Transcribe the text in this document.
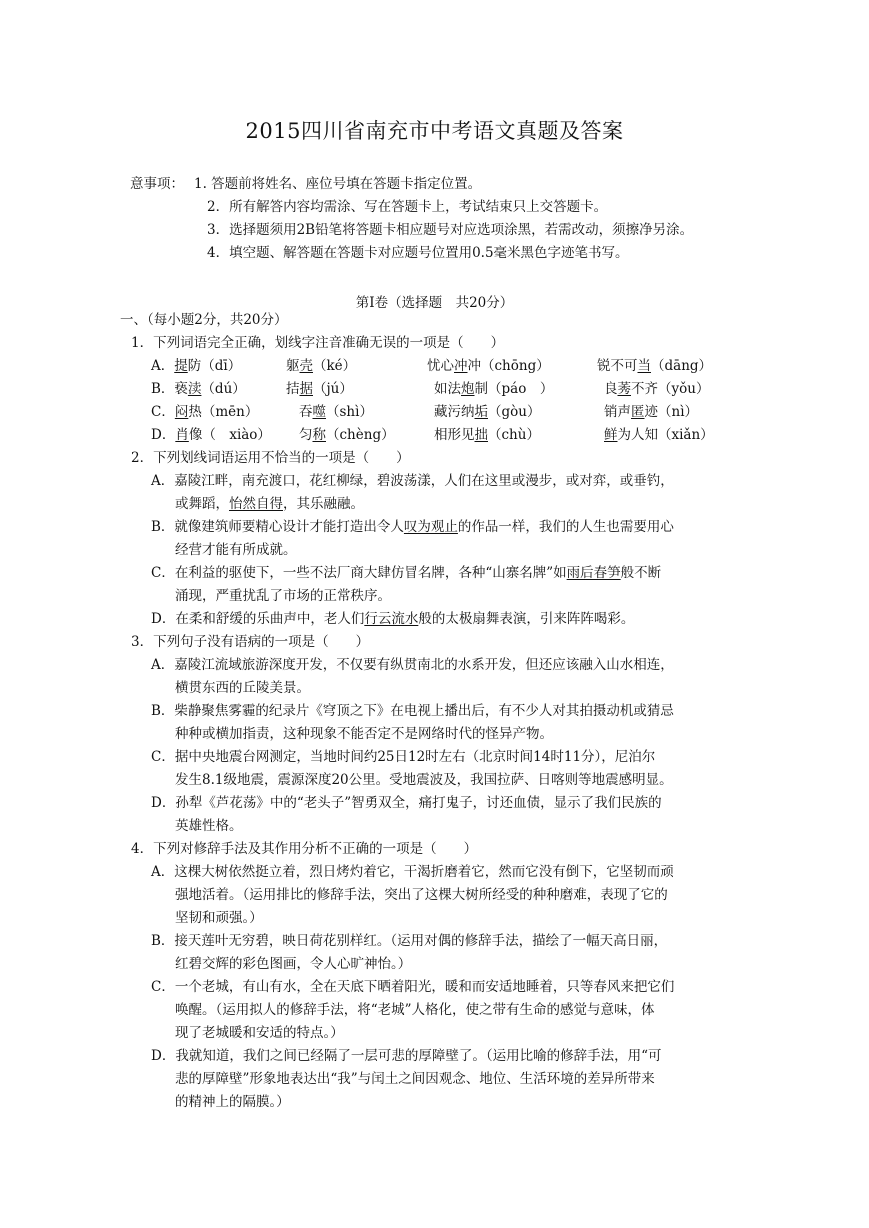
2015四川省南充市中考语文真题及答案
意事项： 1. 答题前将姓名、座位号填在答题卡指定位置。
2．所有解答内容均需涂、写在答题卡上，考试结束只上交答题卡。
3．选择题须用2B铅笔将答题卡相应题号对应选项涂黑，若需改动，须擦净另涂。
4．填空题、解答题在答题卡对应题号位置用0.5毫米黑色字迹笔书写。
第Ⅰ卷（选择题　共20分）
一、（每小题2分，共20分）
1．下列词语完全正确，划线字注音准确无误的一项是（　　）
A．提防（dī）	躯壳（ké）	忧心冲冲（chōng）	锐不可当（dāng）
B．亵渎（dú）	拮据（jú）	如法炮制（páo　）	良莠不齐（yǒu）
C．闷热（mēn）	吞噬（shì）	藏污纳垢（gòu）	销声匿迹（nì）
D．肖像（　xiào） 匀称（chèng）	相形见拙（chù）	鲜为人知（xiǎn）
2．下列划线词语运用不恰当的一项是（　　）
A．嘉陵江畔，南充渡口，花红柳绿，碧波荡漾，人们在这里或漫步，或对弈，或垂钓，
或舞蹈，怡然自得，其乐融融。
B．就像建筑师要精心设计才能打造出令人叹为观止的作品一样，我们的人生也需要用心
经营才能有所成就。
C．在利益的驱使下，一些不法厂商大肆仿冒名牌，各种“山寨名牌”如雨后春笋般不断
涌现，严重扰乱了市场的正常秩序。
D．在柔和舒缓的乐曲声中，老人们行云流水般的太极扇舞表演，引来阵阵喝彩。
3．下列句子没有语病的一项是（　　）
A．嘉陵江流域旅游深度开发，不仅要有纵贯南北的水系开发，但还应该融入山水相连，
横贯东西的丘陵美景。
B．柴静聚焦雾霾的纪录片《穹顶之下》在电视上播出后，有不少人对其拍摄动机或猜忌
种种或横加指责，这种现象不能否定不是网络时代的怪异产物。
C．据中央地震台网测定，当地时间约25日12时左右（北京时间14时11分），尼泊尔
发生8.1级地震，震源深度20公里。受地震波及，我国拉萨、日喀则等地震感明显。
D．孙犁《芦花荡》中的“老头子”智勇双全，痛打鬼子，讨还血债，显示了我们民族的
英雄性格。
4．下列对修辞手法及其作用分析不正确的一项是（　　）
A．这棵大树依然挺立着，烈日烤灼着它，干渴折磨着它，然而它没有倒下，它坚韧而顽
强地活着。（运用排比的修辞手法，突出了这棵大树所经受的种种磨难，表现了它的
坚韧和顽强。）
B．接天莲叶无穷碧，映日荷花别样红。（运用对偶的修辞手法，描绘了一幅天高日丽，
红碧交辉的彩色图画，令人心旷神怡。）
C．一个老城，有山有水，全在天底下晒着阳光，暖和而安适地睡着，只等春风来把它们
唤醒。（运用拟人的修辞手法，将“老城”人格化，使之带有生命的感觉与意味，体
现了老城暖和安适的特点。）
D．我就知道，我们之间已经隔了一层可悲的厚障壁了。（运用比喻的修辞手法，用“可
悲的厚障壁”形象地表达出“我”与闰土之间因观念、地位、生活环境的差异所带来
的精神上的隔膜。）
